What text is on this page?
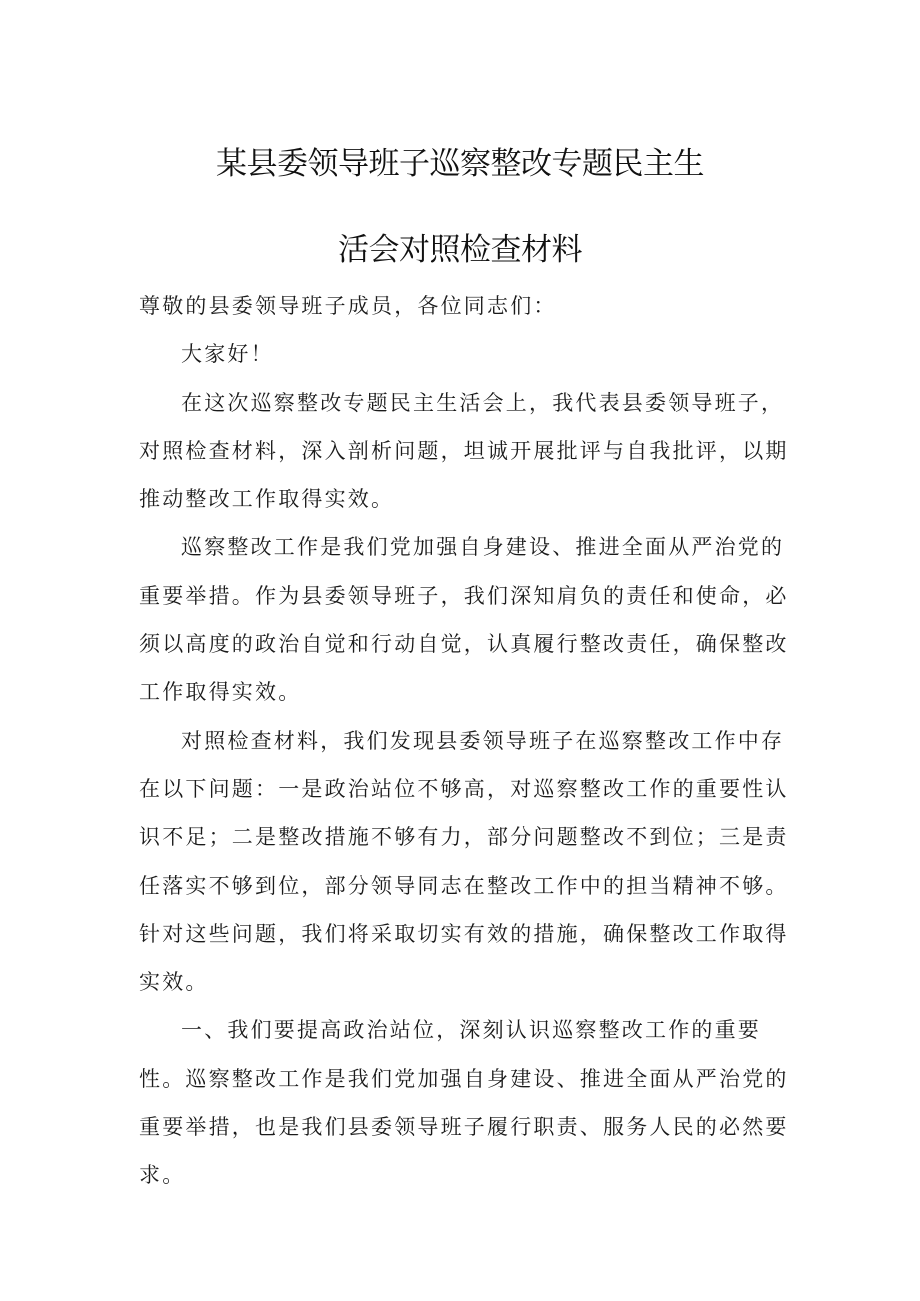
某县委领导班子巡察整改专题民主生
活会对照检查材料

尊敬的县委领导班子成员，各位同志们：

大家好！

在这次巡察整改专题民主生活会上，我代表县委领导班子，对照检查材料，深入剖析问题，坦诚开展批评与自我批评，以期推动整改工作取得实效。

巡察整改工作是我们党加强自身建设、推进全面从严治党的重要举措。作为县委领导班子，我们深知肩负的责任和使命，必须以高度的政治自觉和行动自觉，认真履行整改责任，确保整改工作取得实效。

对照检查材料，我们发现县委领导班子在巡察整改工作中存在以下问题：一是政治站位不够高，对巡察整改工作的重要性认识不足；二是整改措施不够有力，部分问题整改不到位；三是责任落实不够到位，部分领导同志在整改工作中的担当精神不够。针对这些问题，我们将采取切实有效的措施，确保整改工作取得实效。

一、我们要提高政治站位，深刻认识巡察整改工作的重要性。巡察整改工作是我们党加强自身建设、推进全面从严治党的重要举措，也是我们县委领导班子履行职责、服务人民的必然要求。
